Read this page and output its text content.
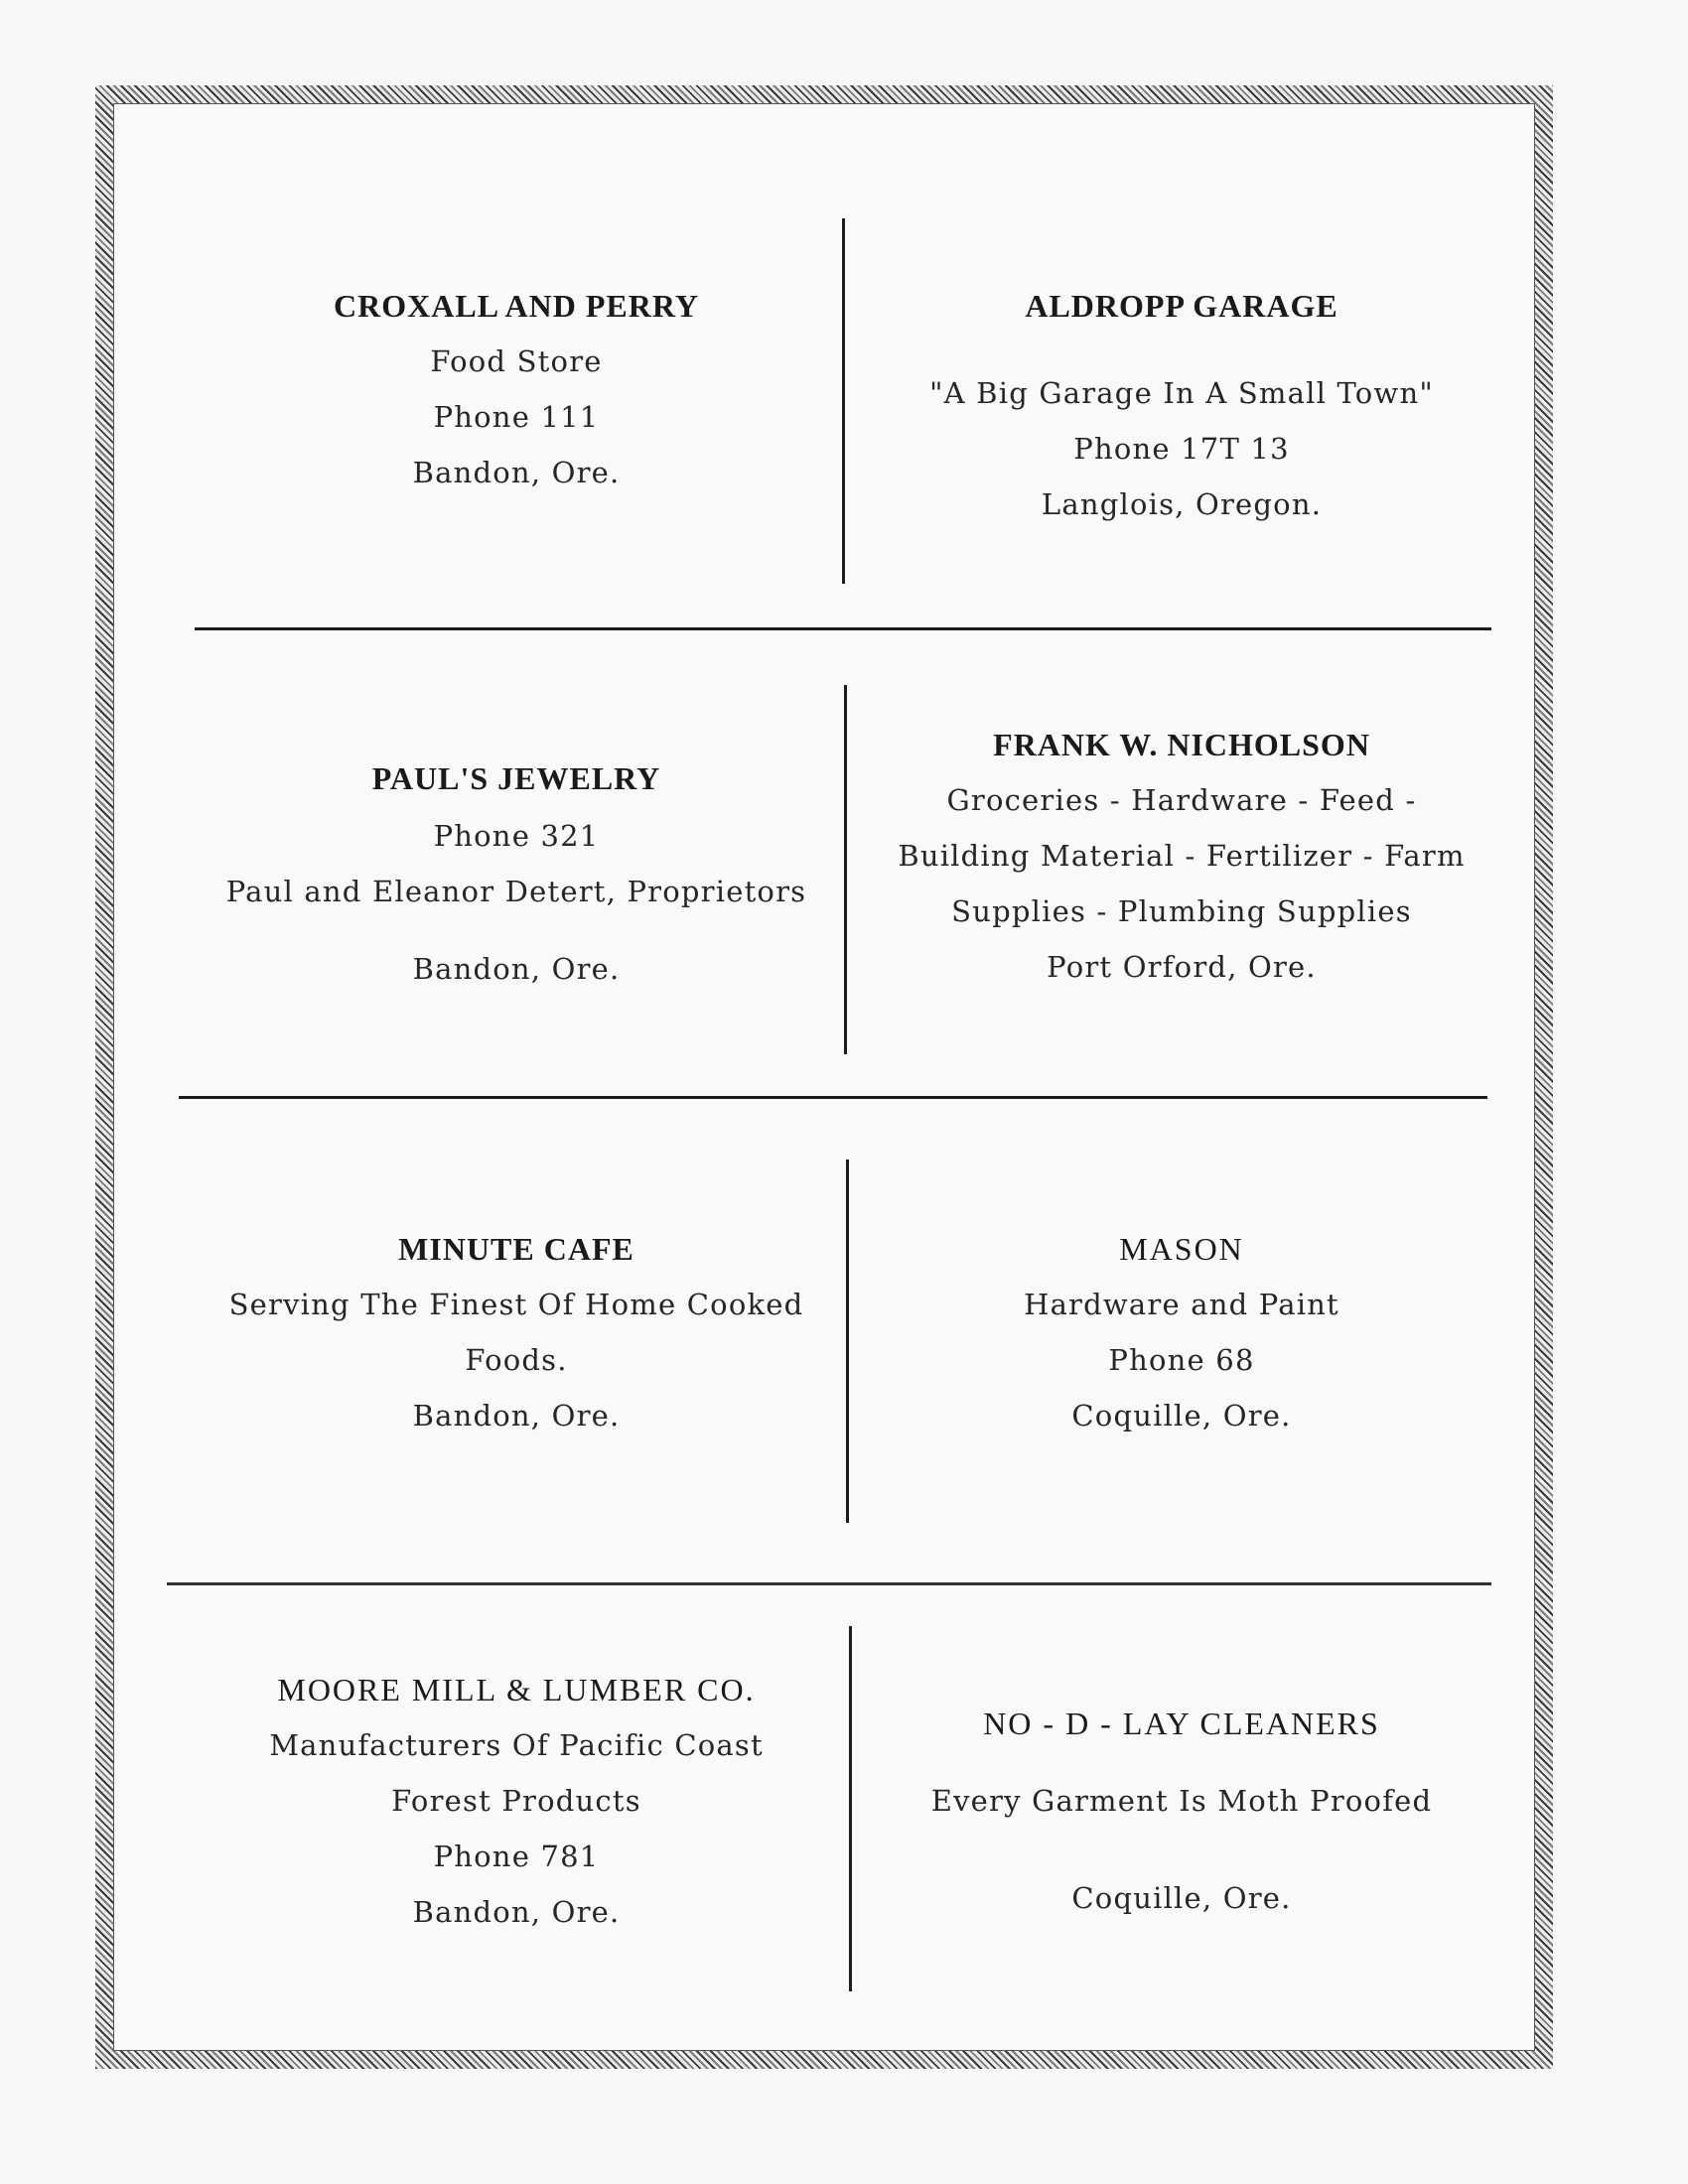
CROXALL AND PERRY

Food Store

Phone 111

Bandon, Ore.

ALDROPP GARAGE

"A Big Garage In A Small Town"

Phone 17T 13

Langlois, Oregon.

PAUL'S JEWELRY

Phone 321

Paul and Eleanor Detert, Proprietors

Bandon, Ore.

FRANK W. NICHOLSON

Groceries - Hardware - Feed -

Building Material - Fertilizer - Farm

Supplies - Plumbing Supplies

Port Orford, Ore.

MINUTE CAFE

Serving The Finest Of Home Cooked

Foods.

Bandon, Ore.

MASON

Hardware and Paint

Phone 68

Coquille, Ore.

MOORE MILL & LUMBER CO.

Manufacturers Of Pacific Coast

Forest Products

Phone 781

Bandon, Ore.

NO - D - LAY CLEANERS

Every Garment Is Moth Proofed

Coquille, Ore.
